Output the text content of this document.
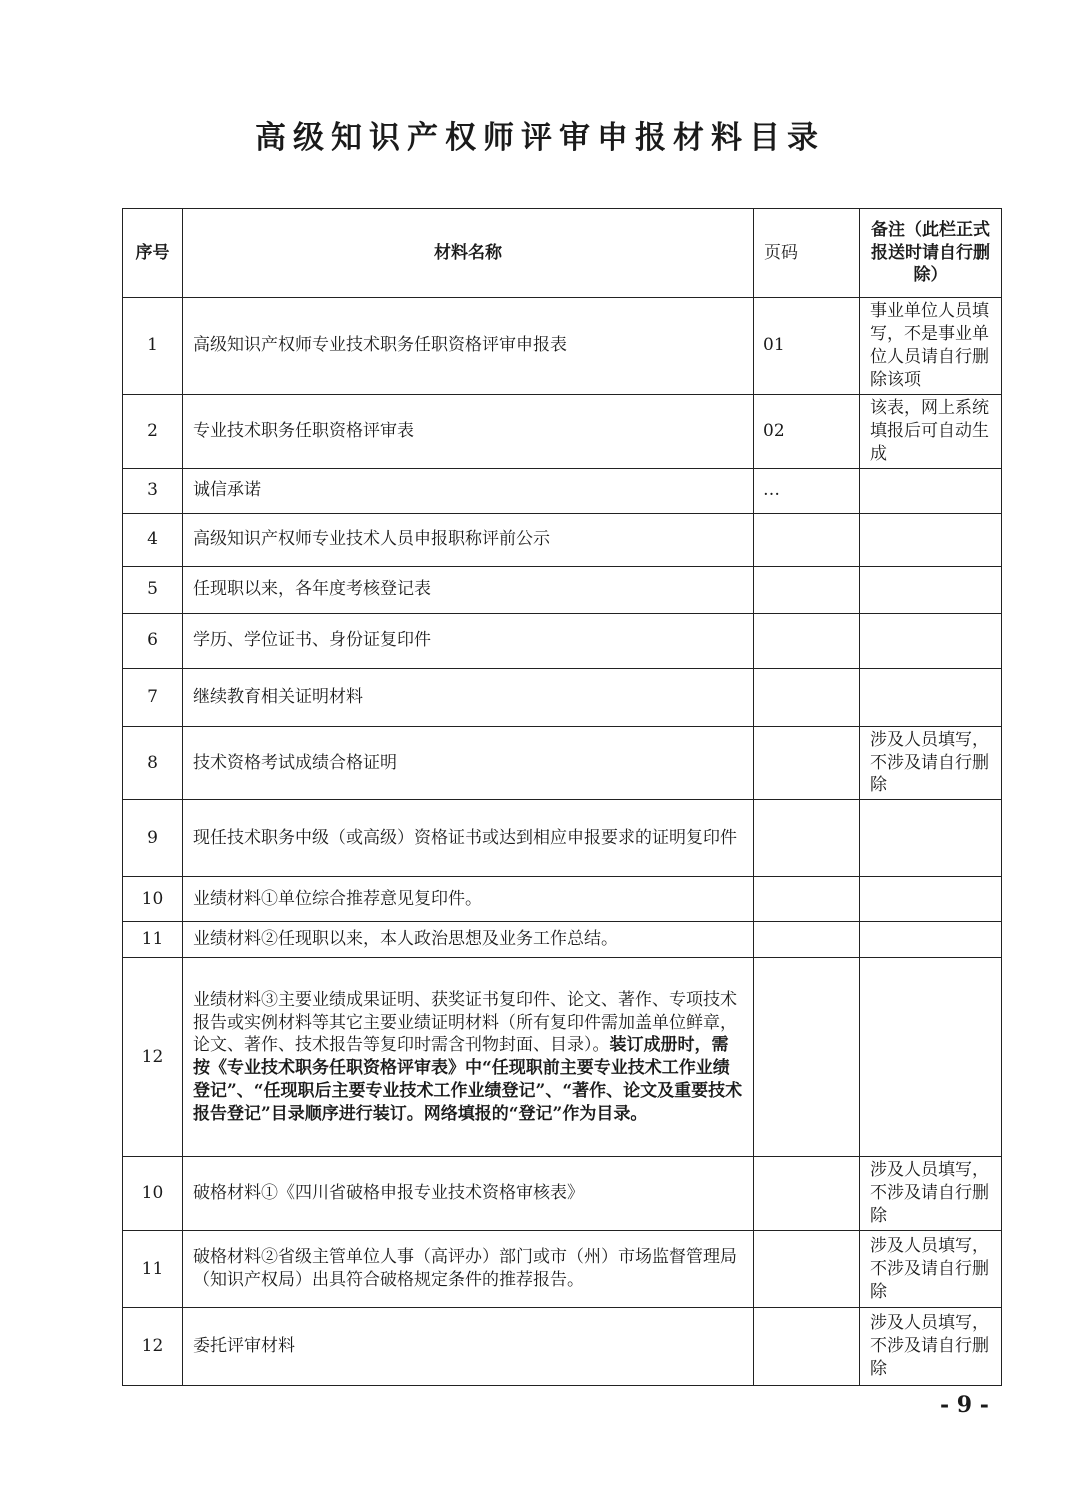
高级知识产权师评审申报材料目录
序号	材料名称	页码	备注（此栏正式报送时请自行删除）
1	高级知识产权师专业技术职务任职资格评审申报表	01	事业单位人员填写，不是事业单位人员请自行删除该项
2	专业技术职务任职资格评审表	02	该表，网上系统填报后可自动生成
3	诚信承诺	…	
4	高级知识产权师专业技术人员申报职称评前公示		
5	任现职以来，各年度考核登记表		
6	学历、学位证书、身份证复印件		
7	继续教育相关证明材料		
8	技术资格考试成绩合格证明		涉及人员填写，不涉及请自行删除
9	现任技术职务中级（或高级）资格证书或达到相应申报要求的证明复印件		
10	业绩材料①单位综合推荐意见复印件。		
11	业绩材料②任现职以来，本人政治思想及业务工作总结。		
12	业绩材料③主要业绩成果证明、获奖证书复印件、论文、著作、专项技术报告或实例材料等其它主要业绩证明材料（所有复印件需加盖单位鲜章，论文、著作、技术报告等复印时需含刊物封面、目录）。装订成册时，需按《专业技术职务任职资格评审表》中“任现职前主要专业技术工作业绩登记”、“任现职后主要专业技术工作业绩登记”、“著作、论文及重要技术报告登记”目录顺序进行装订。网络填报的“登记”作为目录。		
10	破格材料①《四川省破格申报专业技术资格审核表》		涉及人员填写，不涉及请自行删除
11	破格材料②省级主管单位人事（高评办）部门或市（州）市场监督管理局（知识产权局）出具符合破格规定条件的推荐报告。		涉及人员填写，不涉及请自行删除
12	委托评审材料		涉及人员填写，不涉及请自行删除
- 9 -
